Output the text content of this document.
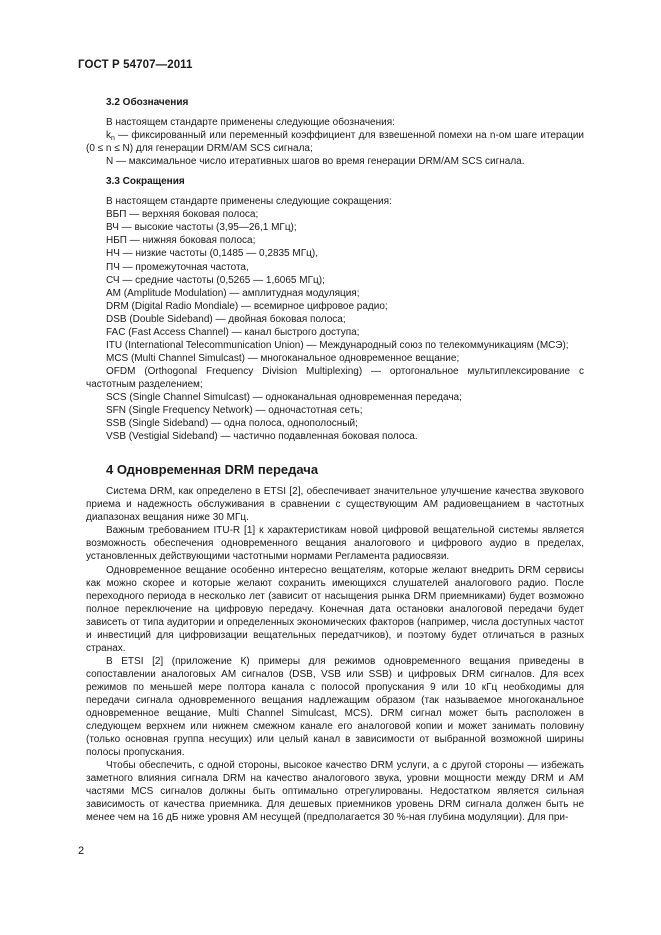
ГОСТ Р 54707—2011
3.2 Обозначения

В настоящем стандарте применены следующие обозначения:

$k_n$ — фиксированный или переменный коэффициент для взвешенной помехи на n-ом шаге итерации (0 ≤ n ≤ N) для генерации DRM/AM SCS сигнала;

N — максимальное число итеративных шагов во время генерации DRM/AM SCS сигнала.

3.3 Сокращения

В настоящем стандарте применены следующие сокращения:

ВБП — верхняя боковая полоса;

ВЧ — высокие частоты (3,95—26,1 МГц);

НБП — нижняя боковая полоса;

НЧ — низкие частоты (0,1485 — 0,2835 МГц),

ПЧ — промежуточная частота,

СЧ — средние частоты (0,5265 — 1,6065 МГц);

AM (Amplitude Modulation) — амплитудная модуляция;

DRM (Digital Radio Mondiale) — всемирное цифровое радио;

DSB (Double Sideband) — двойная боковая полоса;

FAC (Fast Access Channel) — канал быстрого доступа;

ITU (International Telecommunication Union) — Международный союз по телекоммуникациям (МСЭ);

MCS (Multi Channel Simulcast) — многоканальное одновременное вещание;

OFDM (Orthogonal Frequency Division Multiplexing) — ортогональное мультиплексирование с частотным разделением;

SCS (Single Channel Simulcast) — одноканальная одновременная передача;

SFN (Single Frequency Network) — одночастотная сеть;

SSB (Single Sideband) — одна полоса, однополосный;

VSB (Vestigial Sideband) — частично подавленная боковая полоса.

4 Одновременная DRM передача

Система DRM, как определено в ETSI [2], обеспечивает значительное улучшение качества звукового приема и надежность обслуживания в сравнении с существующим АМ радиовещанием в частотных диапазонах вещания ниже 30 МГц.

Важным требованием ITU-R [1] к характеристикам новой цифровой вещательной системы является возможность обеспечения одновременного вещания аналогового и цифрового аудио в пределах, установленных действующими частотными нормами Регламента радиосвязи.

Одновременное вещание особенно интересно вещателям, которые желают внедрить DRM сервисы как можно скорее и которые желают сохранить имеющихся слушателей аналогового радио. После переходного периода в несколько лет (зависит от насыщения рынка DRM приемниками) будет возможно полное переключение на цифровую передачу. Конечная дата остановки аналоговой передачи будет зависеть от типа аудитории и определенных экономических факторов (например, числа доступных частот и инвестиций для цифровизации вещательных передатчиков), и поэтому будет отличаться в разных странах.

В ETSI [2] (приложение К) примеры для режимов одновременного вещания приведены в сопоставлении аналоговых АМ сигналов (DSB, VSB или SSB) и цифровых DRM сигналов. Для всех режимов по меньшей мере полтора канала с полосой пропускания 9 или 10 кГц необходимы для передачи сигнала одновременного вещания надлежащим образом (так называемое многоканальное одновременное вещание, Multi Channel Simulcast, MCS). DRM сигнал может быть расположен в следующем верхнем или нижнем смежном канале его аналоговой копии и может занимать половину (только основная группа несущих) или целый канал в зависимости от выбранной возможной ширины полосы пропускания.

Чтобы обеспечить, с одной стороны, высокое качество DRM услуги, а с другой стороны — избежать заметного влияния сигнала DRM на качество аналогового звука, уровни мощности между DRM и АМ частями MCS сигналов должны быть оптимально отрегулированы. Недостатком является сильная зависимость от качества приемника. Для дешевых приемников уровень DRM сигнала должен быть не менее чем на 16 дБ ниже уровня АМ несущей (предполагается 30 %-ная глубина модуляции). Для при-

2
